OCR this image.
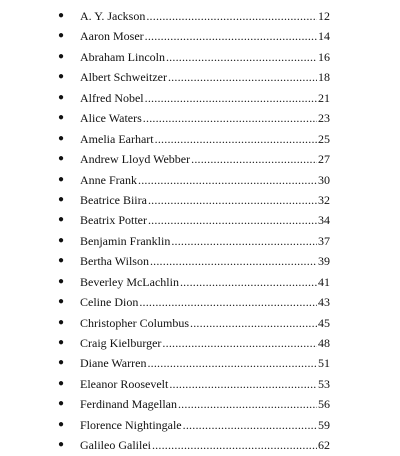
● A. Y. Jackson .....	12
● Aaron Moser .....	14
● Abraham Lincoln .....	16
● Albert Schweitzer .....	18
● Alfred Nobel .....	21
● Alice Waters .....	23
● Amelia Earhart .....	25
● Andrew Lloyd Webber .....	27
● Anne Frank .....	30
● Beatrice Biira .....	32
● Beatrix Potter .....	34
● Benjamin Franklin .....	37
● Bertha Wilson .....	39
● Beverley McLachlin .....	41
● Celine Dion .....	43
● Christopher Columbus .....	45
● Craig Kielburger .....	48
● Diane Warren .....	51
● Eleanor Roosevelt .....	53
● Ferdinand Magellan .....	56
● Florence Nightingale .....	59
● Galileo Galilei .....	62
